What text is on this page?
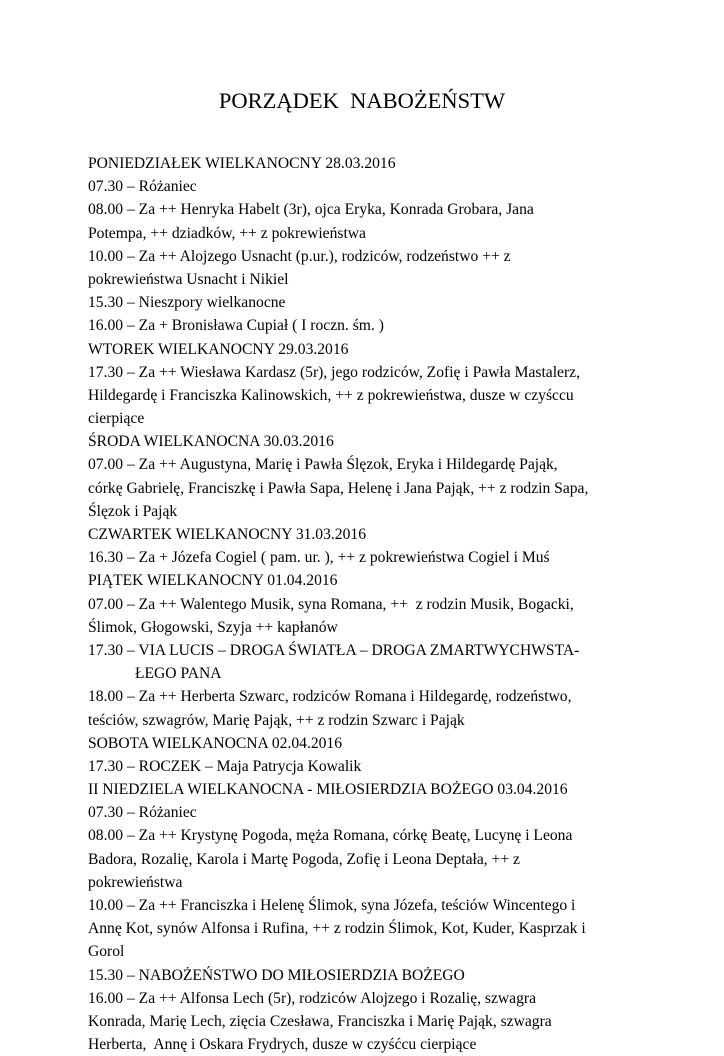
PORZĄDEK  NABOŻEŃSTW
PONIEDZIAŁEK WIELKANOCNY 28.03.2016
07.30 – Różaniec
08.00 – Za ++ Henryka Habelt (3r), ojca Eryka, Konrada Grobara, Jana
Potempa, ++ dziadków, ++ z pokrewieństwa
10.00 – Za ++ Alojzego Usnacht (p.ur.), rodziców, rodzeństwo ++ z
pokrewieństwa Usnacht i Nikiel
15.30 – Nieszpory wielkanocne
16.00 – Za + Bronisława Cupiał ( I roczn. śm. )
WTOREK WIELKANOCNY 29.03.2016
17.30 – Za ++ Wiesława Kardasz (5r), jego rodziców, Zofię i Pawła Mastalerz,
Hildegardę i Franciszka Kalinowskich, ++ z pokrewieństwa, dusze w czyśccu
cierpiące
ŚRODA WIELKANOCNA 30.03.2016
07.00 – Za ++ Augustyna, Marię i Pawła Ślęzok, Eryka i Hildegardę Pająk,
córkę Gabrielę, Franciszkę i Pawła Sapa, Helenę i Jana Pająk, ++ z rodzin Sapa,
Ślęzok i Pająk
CZWARTEK WIELKANOCNY 31.03.2016
16.30 – Za + Józefa Cogiel ( pam. ur. ), ++ z pokrewieństwa Cogiel i Muś
PIĄTEK WIELKANOCNY 01.04.2016
07.00 – Za ++ Walentego Musik, syna Romana, ++  z rodzin Musik, Bogacki,
Ślimok, Głogowski, Szyja ++ kapłanów
17.30 – VIA LUCIS – DROGA ŚWIATŁA – DROGA ZMARTWYCHWSTA-
ŁEGO PANA
18.00 – Za ++ Herberta Szwarc, rodziców Romana i Hildegardę, rodzeństwo,
teściów, szwagrów, Marię Pająk, ++ z rodzin Szwarc i Pająk
SOBOTA WIELKANOCNA 02.04.2016
17.30 – ROCZEK – Maja Patrycja Kowalik
II NIEDZIELA WIELKANOCNA - MIŁOSIERDZIA BOŻEGO 03.04.2016
07.30 – Różaniec
08.00 – Za ++ Krystynę Pogoda, męża Romana, córkę Beatę, Lucynę i Leona
Badora, Rozalię, Karola i Martę Pogoda, Zofię i Leona Deptała, ++ z
pokrewieństwa
10.00 – Za ++ Franciszka i Helenę Ślimok, syna Józefa, teściów Wincentego i
Annę Kot, synów Alfonsa i Rufina, ++ z rodzin Ślimok, Kot, Kuder, Kasprzak i
Gorol
15.30 – NABOŻEŃSTWO DO MIŁOSIERDZIA BOŻEGO
16.00 – Za ++ Alfonsa Lech (5r), rodziców Alojzego i Rozalię, szwagra
Konrada, Marię Lech, zięcia Czesława, Franciszka i Marię Pająk, szwagra
Herberta,  Annę i Oskara Frydrych, dusze w czyśćcu cierpiące
